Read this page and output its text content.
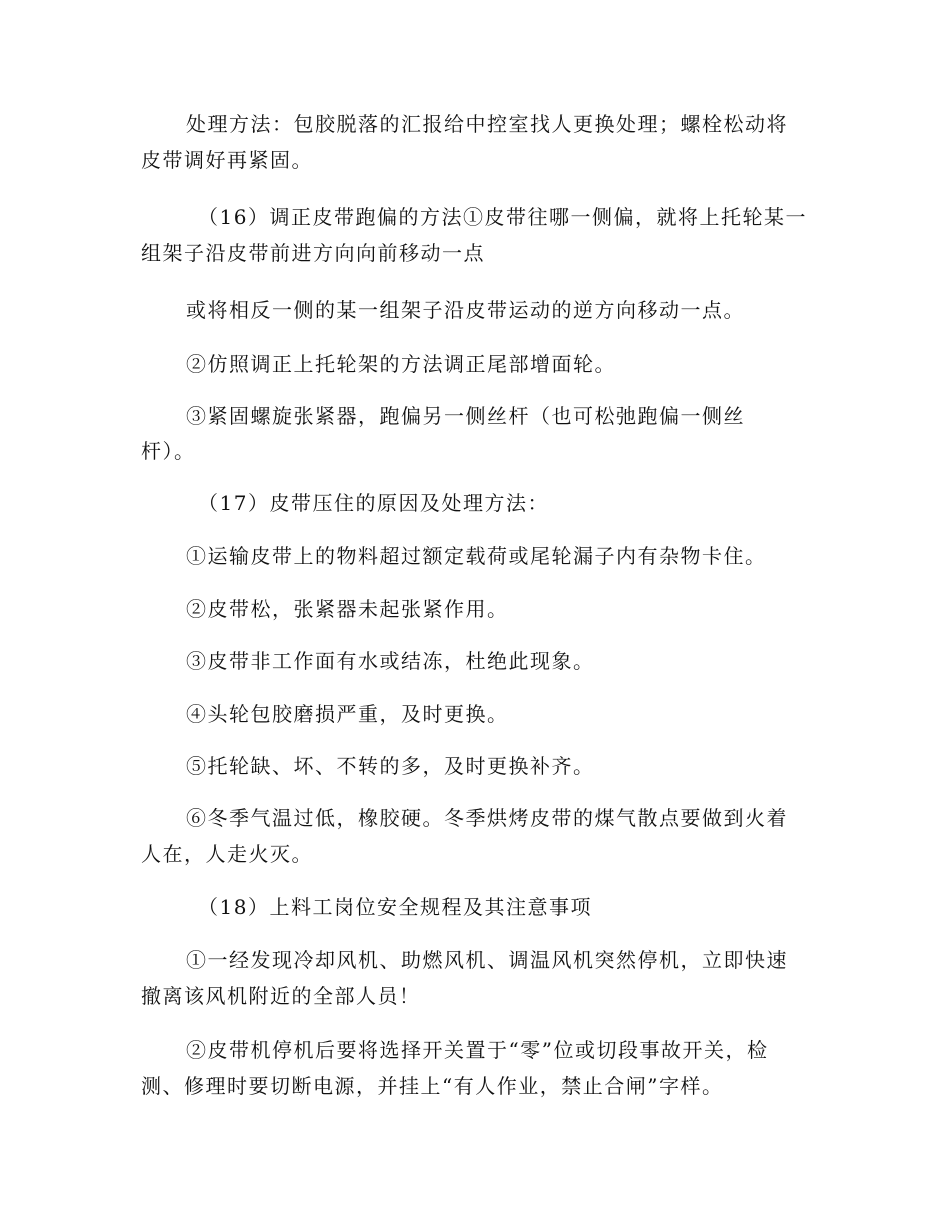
处理方法：包胶脱落的汇报给中控室找人更换处理；螺栓松动将
皮带调好再紧固。
（16）调正皮带跑偏的方法①皮带往哪一侧偏，就将上托轮某一
组架子沿皮带前进方向向前移动一点
或将相反一侧的某一组架子沿皮带运动的逆方向移动一点。
②仿照调正上托轮架的方法调正尾部增面轮。
③紧固螺旋张紧器，跑偏另一侧丝杆（也可松弛跑偏一侧丝
杆）。
（17）皮带压住的原因及处理方法：
①运输皮带上的物料超过额定载荷或尾轮漏子内有杂物卡住。
②皮带松，张紧器未起张紧作用。
③皮带非工作面有水或结冻，杜绝此现象。
④头轮包胶磨损严重，及时更换。
⑤托轮缺、坏、不转的多，及时更换补齐。
⑥冬季气温过低，橡胶硬。冬季烘烤皮带的煤气散点要做到火着
人在，人走火灭。
（18）上料工岗位安全规程及其注意事项
①一经发现冷却风机、助燃风机、调温风机突然停机，立即快速
撤离该风机附近的全部人员！
②皮带机停机后要将选择开关置于“零”位或切段事故开关，检
测、修理时要切断电源，并挂上“有人作业，禁止合闸”字样。
